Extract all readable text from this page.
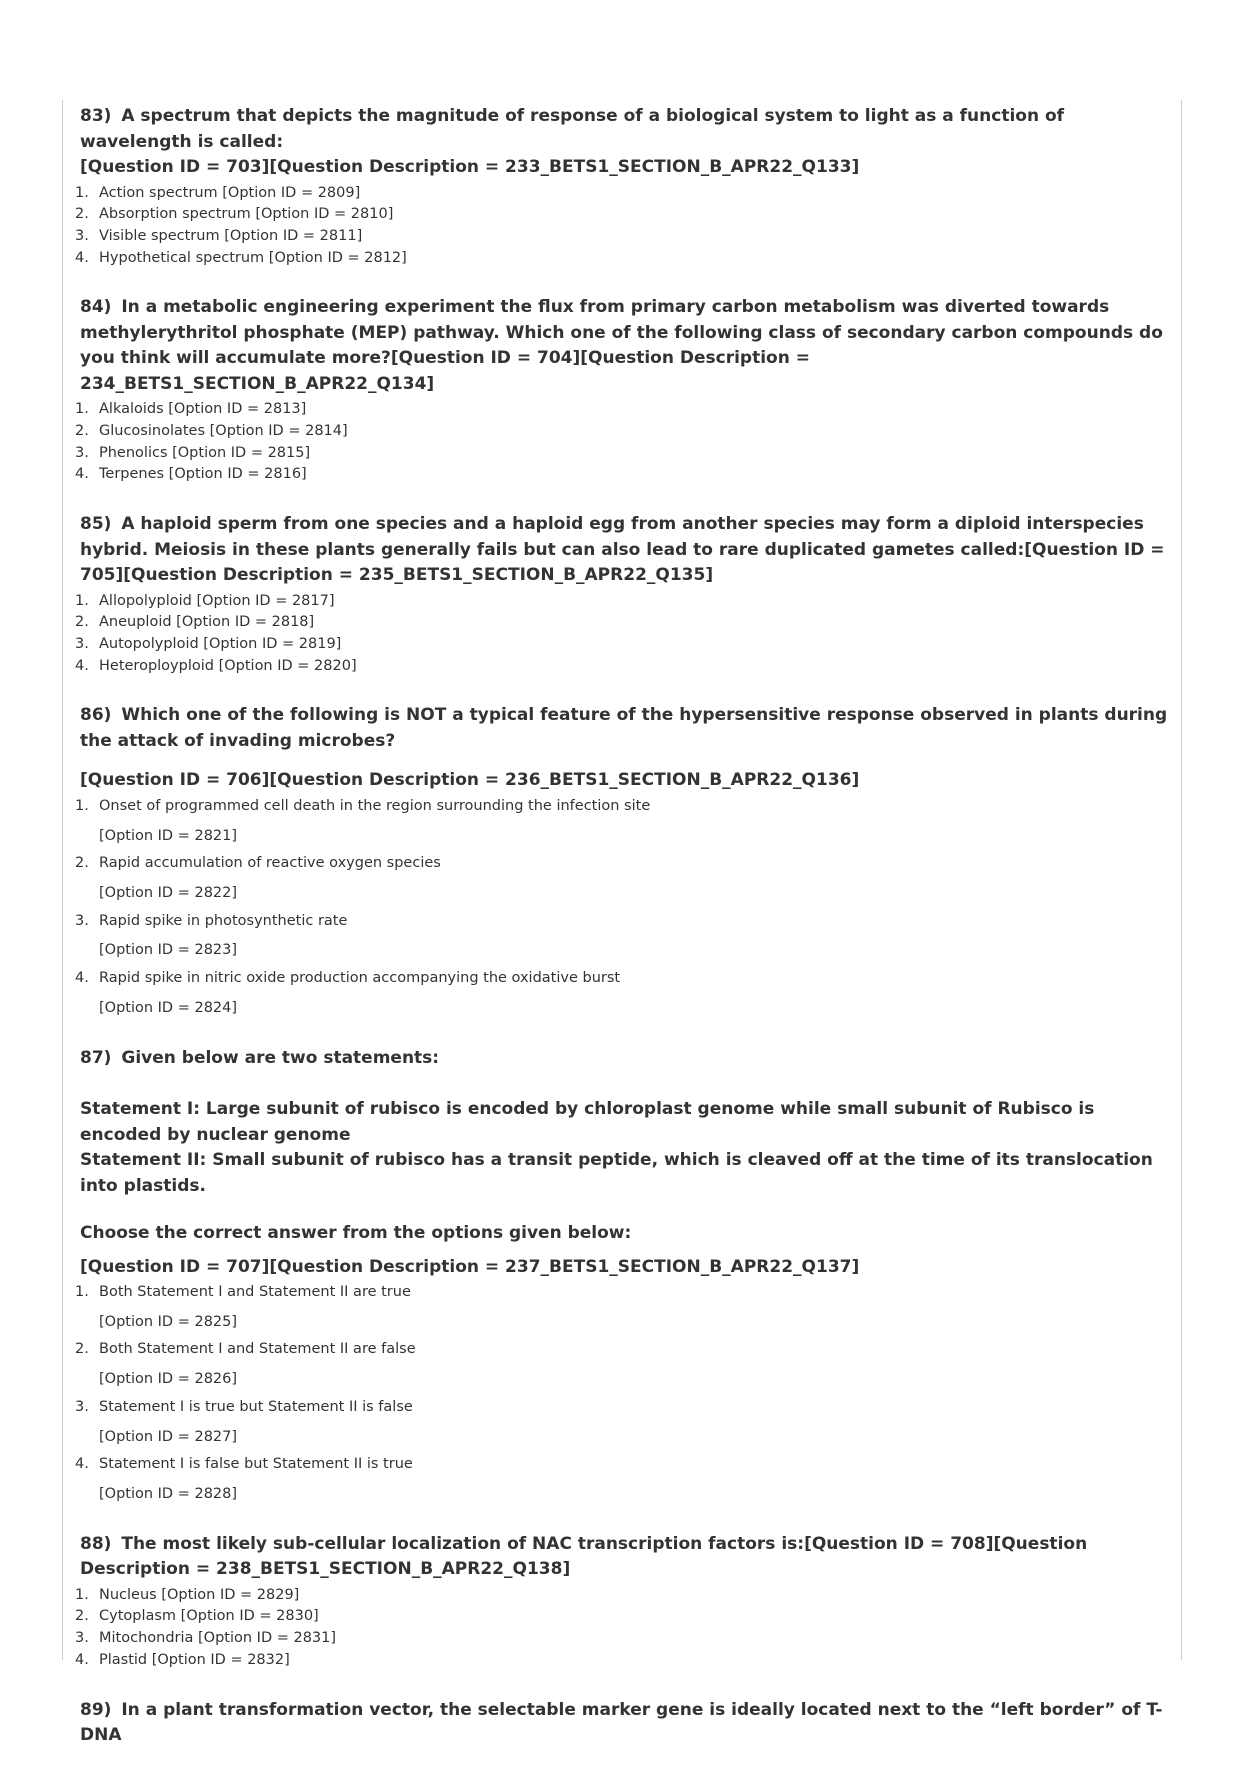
83) A spectrum that depicts the magnitude of response of a biological system to light as a function of wavelength is called:
[Question ID = 703][Question Description = 233_BETS1_SECTION_B_APR22_Q133]

1. Action spectrum [Option ID = 2809]
2. Absorption spectrum [Option ID = 2810]
3. Visible spectrum [Option ID = 2811]
4. Hypothetical spectrum [Option ID = 2812]

84) In a metabolic engineering experiment the flux from primary carbon metabolism was diverted towards methylerythritol phosphate (MEP) pathway. Which one of the following class of secondary carbon compounds do you think will accumulate more?[Question ID = 704][Question Description = 234_BETS1_SECTION_B_APR22_Q134]

1. Alkaloids [Option ID = 2813]
2. Glucosinolates [Option ID = 2814]
3. Phenolics [Option ID = 2815]
4. Terpenes [Option ID = 2816]

85) A haploid sperm from one species and a haploid egg from another species may form a diploid interspecies hybrid. Meiosis in these plants generally fails but can also lead to rare duplicated gametes called:[Question ID = 705][Question Description = 235_BETS1_SECTION_B_APR22_Q135]

1. Allopolyploid [Option ID = 2817]
2. Aneuploid [Option ID = 2818]
3. Autopolyploid [Option ID = 2819]
4. Heteroployploid [Option ID = 2820]

86) Which one of the following is NOT a typical feature of the hypersensitive response observed in plants during the attack of invading microbes?

[Question ID = 706][Question Description = 236_BETS1_SECTION_B_APR22_Q136]

1. Onset of programmed cell death in the region surrounding the infection site
[Option ID = 2821]
2. Rapid accumulation of reactive oxygen species
[Option ID = 2822]
3. Rapid spike in photosynthetic rate
[Option ID = 2823]
4. Rapid spike in nitric oxide production accompanying the oxidative burst
[Option ID = 2824]

87) Given below are two statements:

Statement I: Large subunit of rubisco is encoded by chloroplast genome while small subunit of Rubisco is encoded by nuclear genome

Statement II: Small subunit of rubisco has a transit peptide, which is cleaved off at the time of its translocation into plastids.

Choose the correct answer from the options given below:

[Question ID = 707][Question Description = 237_BETS1_SECTION_B_APR22_Q137]

1. Both Statement I and Statement II are true
[Option ID = 2825]
2. Both Statement I and Statement II are false
[Option ID = 2826]
3. Statement I is true but Statement II is false
[Option ID = 2827]
4. Statement I is false but Statement II is true
[Option ID = 2828]

88) The most likely sub-cellular localization of NAC transcription factors is:[Question ID = 708][Question Description = 238_BETS1_SECTION_B_APR22_Q138]

1. Nucleus [Option ID = 2829]
2. Cytoplasm [Option ID = 2830]
3. Mitochondria [Option ID = 2831]
4. Plastid [Option ID = 2832]

89) In a plant transformation vector, the selectable marker gene is ideally located next to the “left border” of T-DNA
